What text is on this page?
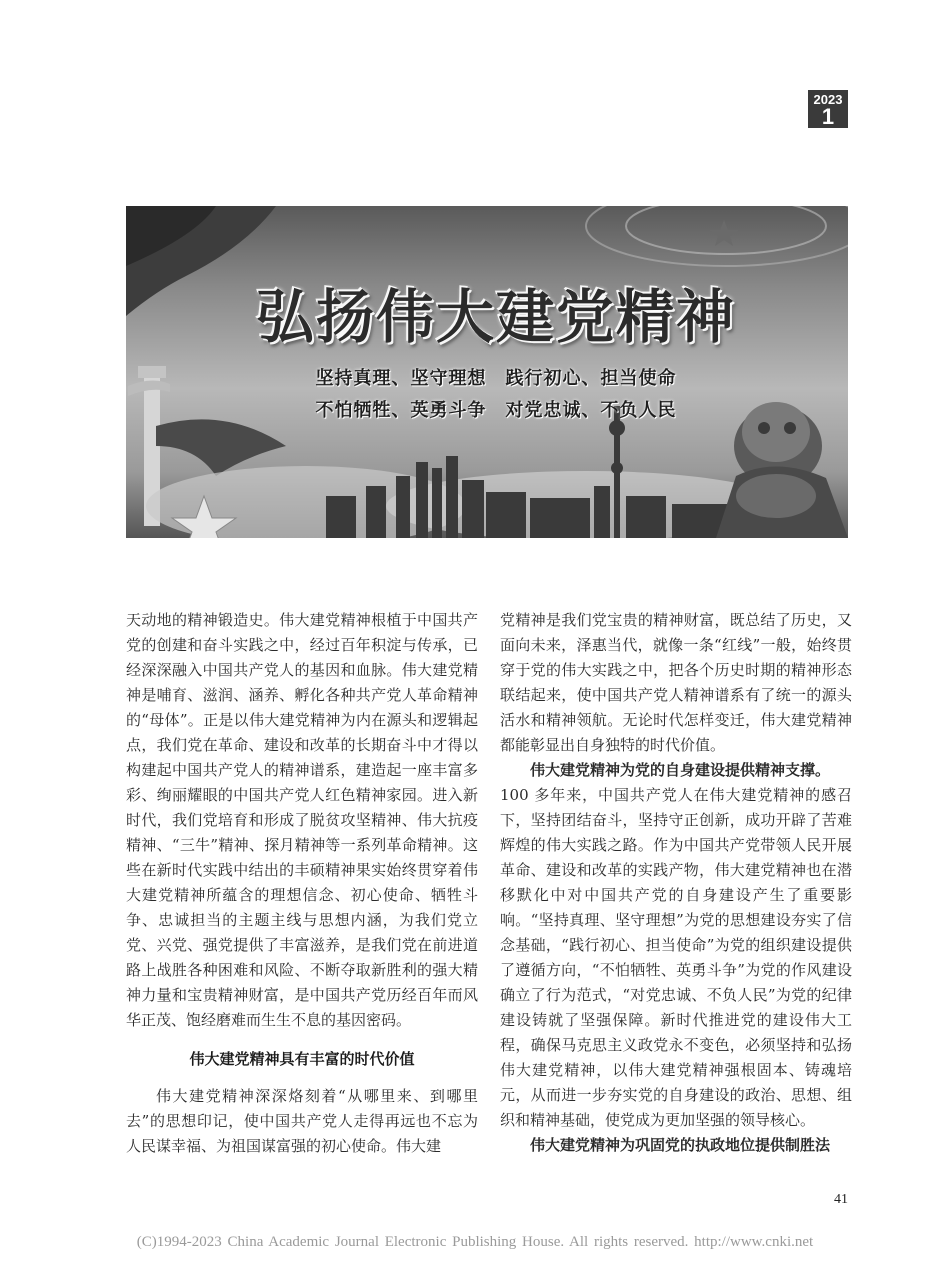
2023
1
弘扬伟大建党精神
坚持真理、坚守理想　践行初心、担当使命
不怕牺牲、英勇斗争　对党忠诚、不负人民

天动地的精神锻造史。伟大建党精神根植于中国共产党的创建和奋斗实践之中，经过百年积淀与传承，已经深深融入中国共产党人的基因和血脉。伟大建党精神是哺育、滋润、涵养、孵化各种共产党人革命精神的“母体”。正是以伟大建党精神为内在源头和逻辑起点，我们党在革命、建设和改革的长期奋斗中才得以构建起中国共产党人的精神谱系，建造起一座丰富多彩、绚丽耀眼的中国共产党人红色精神家园。进入新时代，我们党培育和形成了脱贫攻坚精神、伟大抗疫精神、“三牛”精神、探月精神等一系列革命精神。这些在新时代实践中结出的丰硕精神果实始终贯穿着伟大建党精神所蕴含的理想信念、初心使命、牺牲斗争、忠诚担当的主题主线与思想内涵，为我们党立党、兴党、强党提供了丰富滋养，是我们党在前进道路上战胜各种困难和风险、不断夺取新胜利的强大精神力量和宝贵精神财富，是中国共产党历经百年而风华正茂、饱经磨难而生生不息的基因密码。

伟大建党精神具有丰富的时代价值

伟大建党精神深深烙刻着“从哪里来、到哪里去”的思想印记，使中国共产党人走得再远也不忘为人民谋幸福、为祖国谋富强的初心使命。伟大建

党精神是我们党宝贵的精神财富，既总结了历史，又面向未来，泽惠当代，就像一条“红线”一般，始终贯穿于党的伟大实践之中，把各个历史时期的精神形态联结起来，使中国共产党人精神谱系有了统一的源头活水和精神领航。无论时代怎样变迁，伟大建党精神都能彰显出自身独特的时代价值。

伟大建党精神为党的自身建设提供精神支撑。

100 多年来，中国共产党人在伟大建党精神的感召下，坚持团结奋斗，坚持守正创新，成功开辟了苦难辉煌的伟大实践之路。作为中国共产党带领人民开展革命、建设和改革的实践产物，伟大建党精神也在潜移默化中对中国共产党的自身建设产生了重要影响。“坚持真理、坚守理想”为党的思想建设夯实了信念基础，“践行初心、担当使命”为党的组织建设提供了遵循方向，“不怕牺牲、英勇斗争”为党的作风建设确立了行为范式，“对党忠诚、不负人民”为党的纪律建设铸就了坚强保障。新时代推进党的建设伟大工程，确保马克思主义政党永不变色，必须坚持和弘扬伟大建党精神，以伟大建党精神强根固本、铸魂培元，从而进一步夯实党的自身建设的政治、思想、组织和精神基础，使党成为更加坚强的领导核心。

伟大建党精神为巩固党的执政地位提供制胜法

41
(C)1994-2023 China Academic Journal Electronic Publishing House. All rights reserved. http://www.cnki.net
